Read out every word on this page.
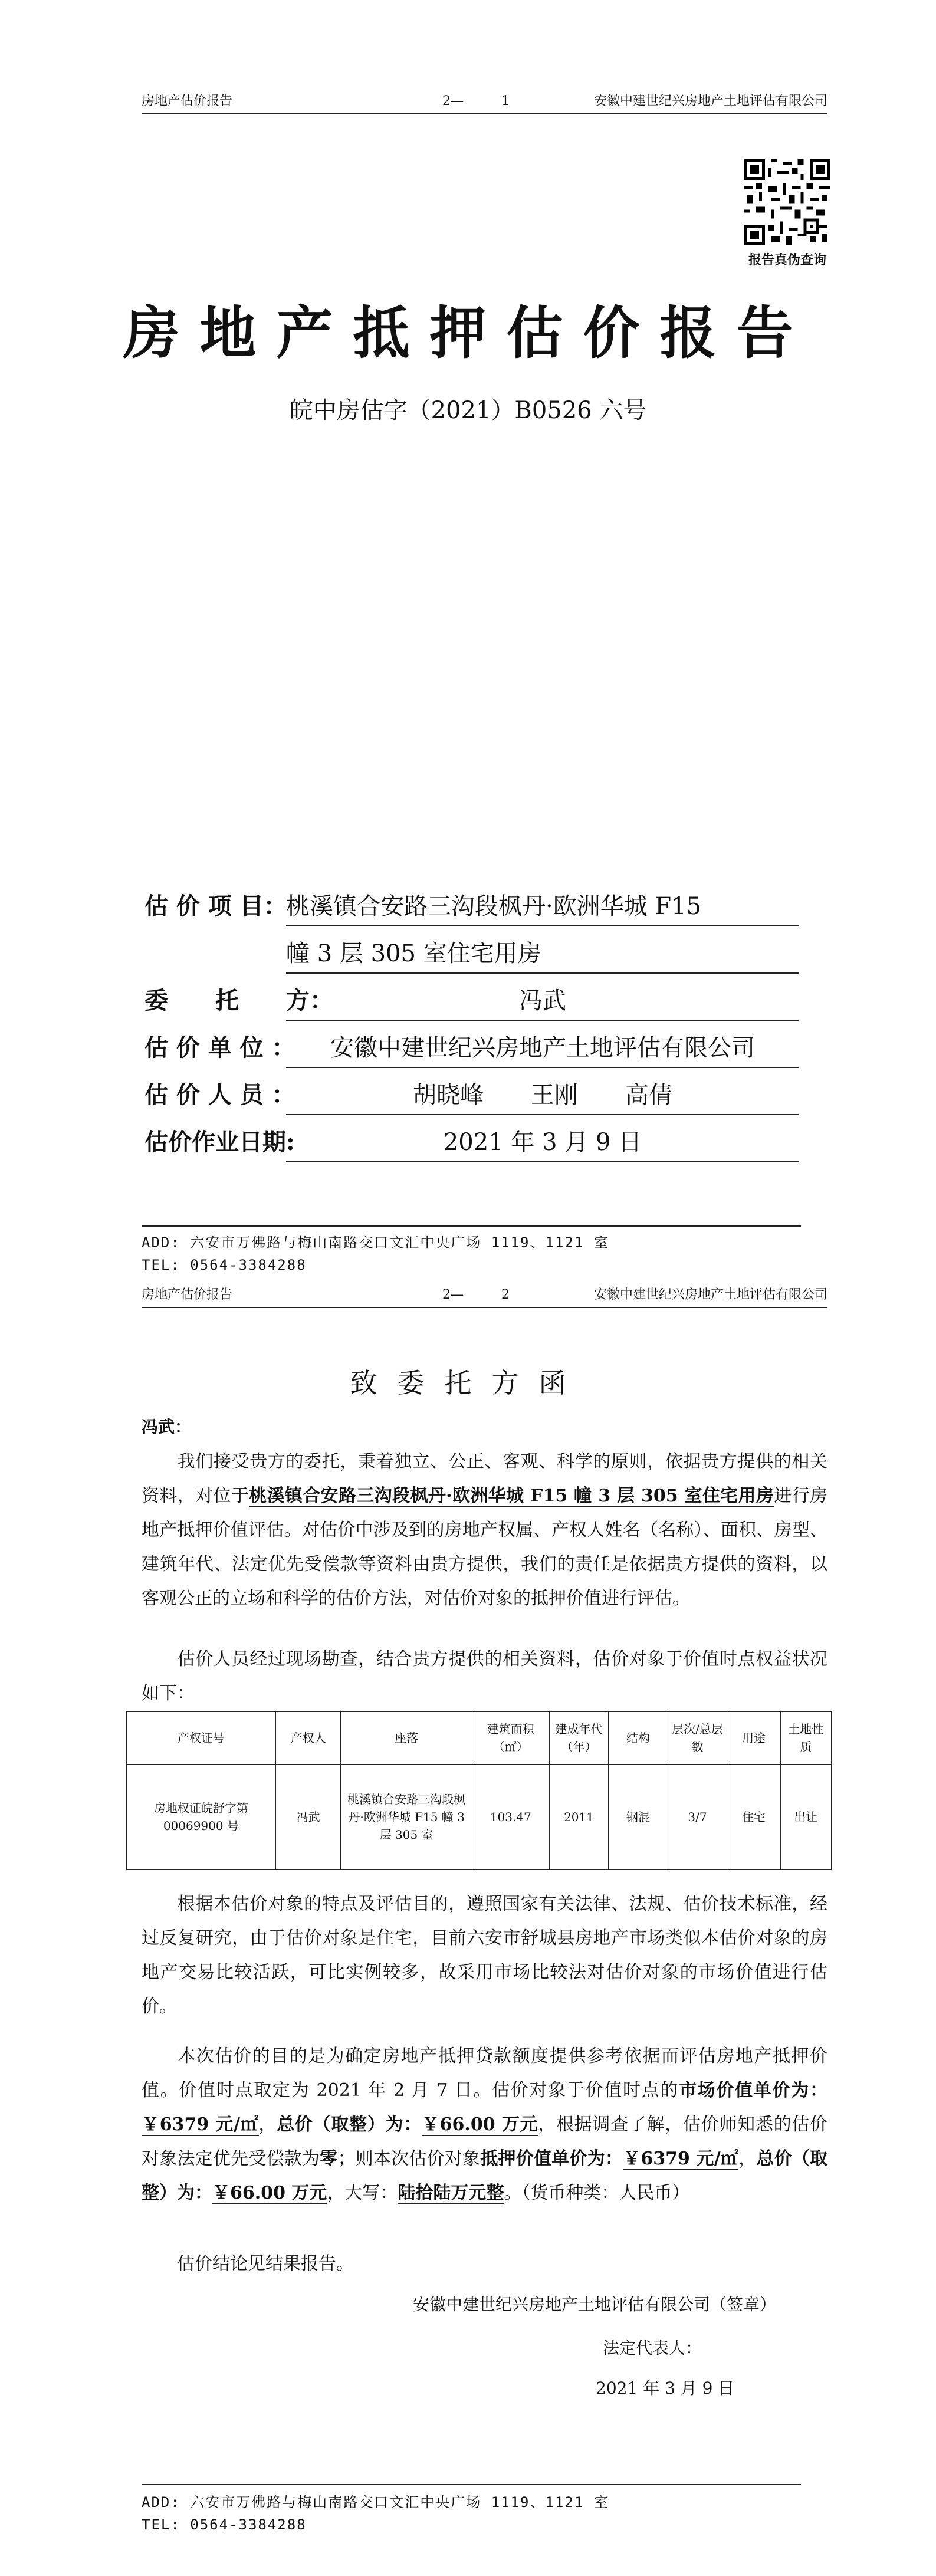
房地产估价报告	2—	1	安徽中建世纪兴房地产土地评估有限公司
报告真伪查询
房地产抵押估价报告
皖中房估字（2021）B0526 六号
估 价 项 目：
桃溪镇合安路三沟段枫丹·欧洲华城 F15
幢 3 层 305 室住宅用房
委　　托　　方：	冯武
估 价 单 位 ：	安徽中建世纪兴房地产土地评估有限公司
估 价 人 员 ：	胡晓峰　　王刚　　高倩
估价作业日期:	2021 年 3 月 9 日
ADD: 六安市万佛路与梅山南路交口文汇中央广场 1119、1121 室
TEL: 0564-3384288
房地产估价报告	2—	2	安徽中建世纪兴房地产土地评估有限公司
致委托方函
冯武：
我们接受贵方的委托，秉着独立、公正、客观、科学的原则，依据贵方提供的相关资料，对位于桃溪镇合安路三沟段枫丹·欧洲华城 F15 幢 3 层 305 室住宅用房进行房地产抵押价值评估。对估价中涉及到的房地产权属、产权人姓名（名称）、面积、房型、建筑年代、法定优先受偿款等资料由贵方提供，我们的责任是依据贵方提供的资料，以客观公正的立场和科学的估价方法，对估价对象的抵押价值进行评估。
估价人员经过现场勘查，结合贵方提供的相关资料，估价对象于价值时点权益状况如下：
产权证号	产权人	座落	建筑面积（㎡）	建成年代（年）	结构	层次/总层数	用途	土地性质
房地权证皖舒字第 00069900 号	冯武	桃溪镇合安路三沟段枫丹·欧洲华城 F15 幢 3 层 305 室	103.47	2011	钢混	3/7	住宅	出让
根据本估价对象的特点及评估目的，遵照国家有关法律、法规、估价技术标准，经过反复研究，由于估价对象是住宅，目前六安市舒城县房地产市场类似本估价对象的房地产交易比较活跃，可比实例较多，故采用市场比较法对估价对象的市场价值进行估价。
本次估价的目的是为确定房地产抵押贷款额度提供参考依据而评估房地产抵押价值。价值时点取定为 2021 年 2 月 7 日。估价对象于价值时点的市场价值单价为：￥6379 元/㎡，总价（取整）为：￥66.00 万元，根据调查了解，估价师知悉的估价对象法定优先受偿款为零；则本次估价对象抵押价值单价为：￥6379 元/㎡，总价（取整）为：￥66.00 万元，大写：陆拾陆万元整。（货币种类：人民币）
估价结论见结果报告。
安徽中建世纪兴房地产土地评估有限公司（签章）
法定代表人：
2021 年 3 月 9 日
ADD: 六安市万佛路与梅山南路交口文汇中央广场 1119、1121 室
TEL: 0564-3384288
